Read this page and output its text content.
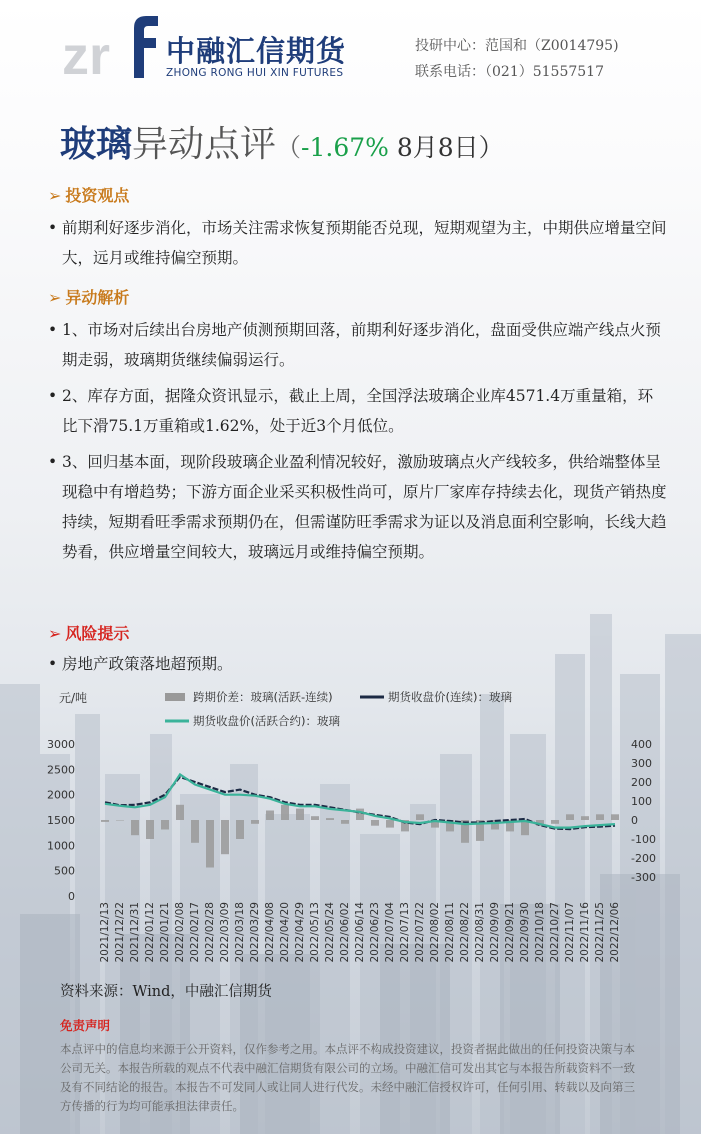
zr 中融汇信期货
ZHONG RONG HUI XIN FUTURES
投研中心：范国和（Z0014795)
联系电话：（021）51557517
玻璃异动点评（-1.67% 8月8日）
➢ 投资观点
• 前期利好逐步消化，市场关注需求恢复预期能否兑现，短期观望为主，中期供应增量空间大，远月或维持偏空预期。
➢ 异动解析
• 1、市场对后续出台房地产侦测预期回落，前期利好逐步消化，盘面受供应端产线点火预期走弱，玻璃期货继续偏弱运行。
• 2、库存方面，据隆众资讯显示，截止上周，全国浮法玻璃企业库4571.4万重量箱，环比下滑75.1万重箱或1.62%，处于近3个月低位。
• 3、回归基本面，现阶段玻璃企业盈利情况较好，激励玻璃点火产线较多，供给端整体呈现稳中有增趋势；下游方面企业采买积极性尚可，原片厂家库存持续去化，现货产销热度持续，短期看旺季需求预期仍在，但需谨防旺季需求为证以及消息面利空影响，长线大趋势看，供应增量空间较大，玻璃远月或维持偏空预期。
➢ 风险提示
• 房地产政策落地超预期。
元/吨	跨期价差：玻璃(活跃-连续)	期货收盘价(连续)：玻璃
期货收盘价(活跃合约)：玻璃
3000
2500
2000
1500
1000
500
0
400
300
200
100
0
-100
-200
-300
2021/12/13 2021/12/22 2021/12/31 2022/01/12 2022/01/21 2022/02/08 2022/02/17 2022/02/28 2022/03/09 2022/03/18 2022/03/29 2022/04/08 2022/04/20 2022/04/29 2022/05/13 2022/05/24 2022/06/02 2022/06/14 2022/06/23 2022/07/04 2022/07/13 2022/07/22 2022/08/02 2022/08/11 2022/08/22 2022/08/31 2022/09/09 2022/09/21 2022/09/30 2022/10/18 2022/10/27 2022/11/07 2022/11/16 2022/11/25 2022/12/06
资料来源：Wind，中融汇信期货
免责声明
本点评中的信息均来源于公开资料，仅作参考之用。本点评不构成投资建议，投资者据此做出的任何投资决策与本公司无关。本报告所载的观点不代表中融汇信期货有限公司的立场。中融汇信可发出其它与本报告所载资料不一致及有不同结论的报告。本报告不可发同人或让同人进行代发。未经中融汇信授权许可，任何引用、转载以及向第三方传播的行为均可能承担法律责任。
